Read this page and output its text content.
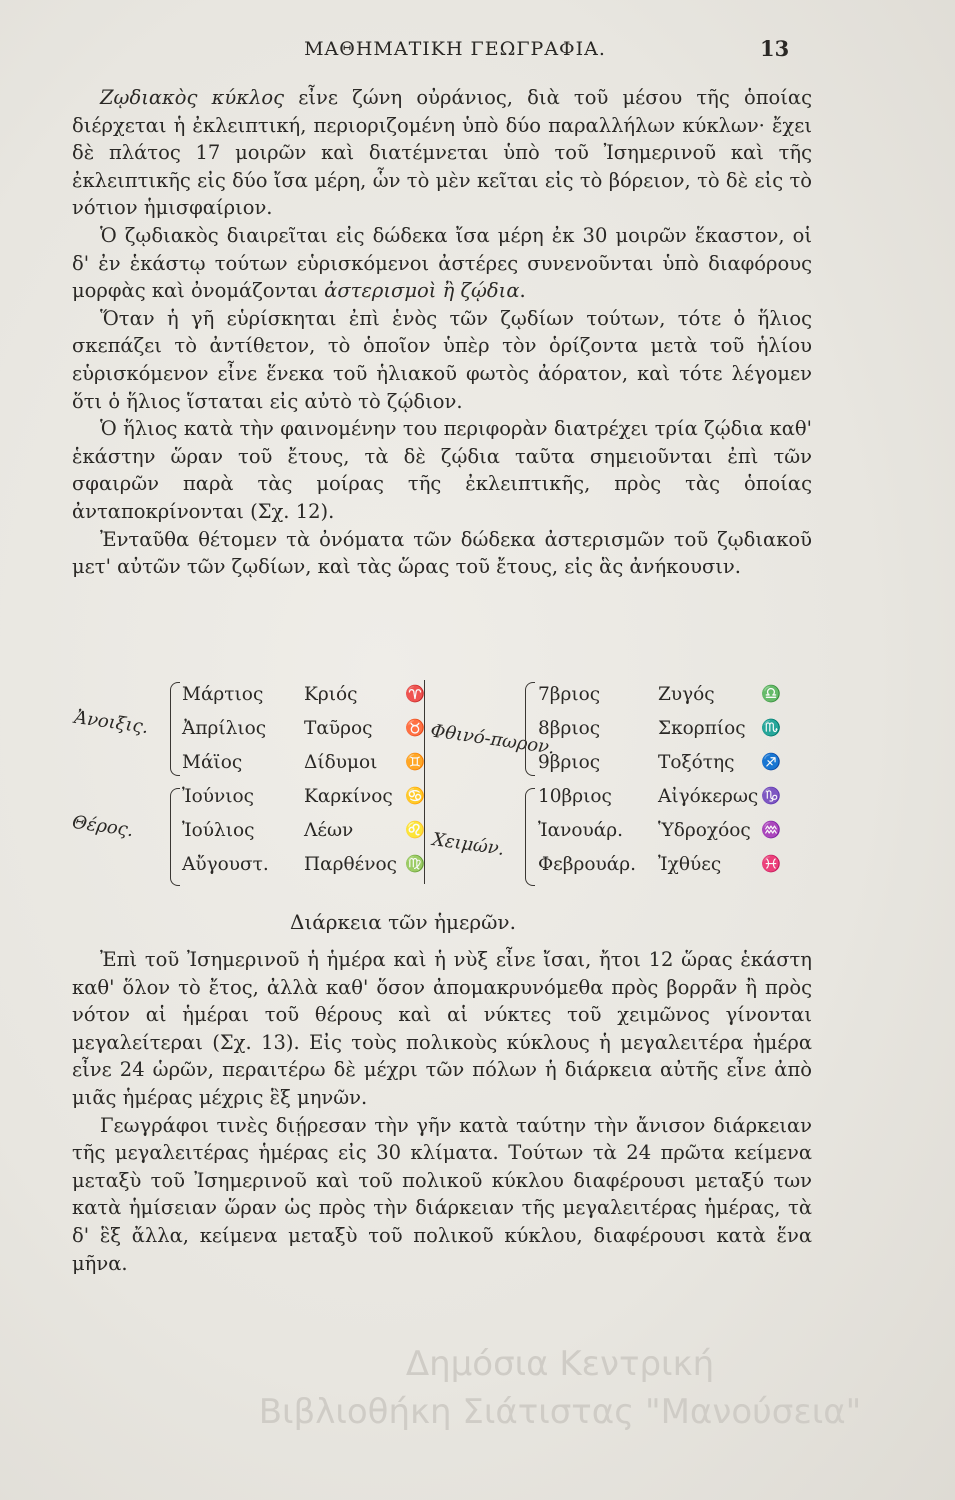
ΜΑΘΗΜΑΤΙΚΗ ΓΕΩΓΡΑΦΙΑ.	13

Ζῳδιακὸς κύκλος εἶνε ζώνη οὐράνιος, διὰ τοῦ μέσου τῆς ὁποίας διέρχεται ἡ ἐκλειπτική, περιοριζομένη ὑπὸ δύο παραλλήλων κύκλων· ἔχει δὲ πλάτος 17 μοιρῶν καὶ διατέμνεται ὑπὸ τοῦ Ἰσημερινοῦ καὶ τῆς ἐκλειπτικῆς εἰς δύο ἴσα μέρη, ὧν τὸ μὲν κεῖται εἰς τὸ βόρειον, τὸ δὲ εἰς τὸ νότιον ἡμισφαίριον.

Ὁ ζῳδιακὸς διαιρεῖται εἰς δώδεκα ἴσα μέρη ἐκ 30 μοιρῶν ἕκαστον, οἱ δ' ἐν ἑκάστῳ τούτων εὑρισκόμενοι ἀστέρες συνενοῦνται ὑπὸ διαφόρους μορφὰς καὶ ὀνομάζονται ἀστερισμοὶ ἢ ζῴδια.

Ὅταν ἡ γῆ εὑρίσκηται ἐπὶ ἑνὸς τῶν ζῳδίων τούτων, τότε ὁ ἥλιος σκεπάζει τὸ ἀντίθετον, τὸ ὁποῖον ὑπὲρ τὸν ὁρίζοντα μετὰ τοῦ ἡλίου εὑρισκόμενον εἶνε ἕνεκα τοῦ ἡλιακοῦ φωτὸς ἀόρατον, καὶ τότε λέγομεν ὅτι ὁ ἥλιος ἵσταται εἰς αὐτὸ τὸ ζῴδιον.

Ὁ ἥλιος κατὰ τὴν φαινομένην του περιφορὰν διατρέχει τρία ζῴδια καθ' ἑκάστην ὥραν τοῦ ἔτους, τὰ δὲ ζῴδια ταῦτα σημειοῦνται ἐπὶ τῶν σφαιρῶν παρὰ τὰς μοίρας τῆς ἐκλειπτικῆς, πρὸς τὰς ὁποίας ἀνταποκρίνονται (Σχ. 12).

Ἐνταῦθα θέτομεν τὰ ὀνόματα τῶν δώδεκα ἀστερισμῶν τοῦ ζῳδιακοῦ μετ' αὐτῶν τῶν ζῳδίων, καὶ τὰς ὥρας τοῦ ἔτους, εἰς ἃς ἀνήκουσιν.

Ἀνοιξις.
Θέρος.
Φθινό-πωρον.
Χειμών.
Μάρτιος Κριός	♈
Ἀπρίλιος Ταῦρος ♉
Μάϊος	Δίδυμοι ♊
Ἰούνιος	Καρκίνος ♋
Ἰούλιος	Λέων	♌
Αὔγουστ. Παρθένος ♍
7βριος	Ζυγός	♎
8βριος	Σκορπίος ♏
9βριος	Τοξότης ♐
10βριος Αἰγόκερως ♑
Ἰανουάρ. Ὑδροχόος ♒
Φεβρουάρ. Ἰχθύες ♓
Διάρκεια τῶν ἡμερῶν.

Ἐπὶ τοῦ Ἰσημερινοῦ ἡ ἡμέρα καὶ ἡ νὺξ εἶνε ἴσαι, ἤτοι 12 ὥρας ἑκάστη καθ' ὅλον τὸ ἔτος, ἀλλὰ καθ' ὅσον ἀπομακρυνόμεθα πρὸς βορρᾶν ἢ πρὸς νότον αἱ ἡμέραι τοῦ θέρους καὶ αἱ νύκτες τοῦ χειμῶνος γίνονται μεγαλείτεραι (Σχ. 13). Εἰς τοὺς πολικοὺς κύκλους ἡ μεγαλειτέρα ἡμέρα εἶνε 24 ὡρῶν, περαιτέρω δὲ μέχρι τῶν πόλων ἡ διάρκεια αὐτῆς εἶνε ἀπὸ μιᾶς ἡμέρας μέχρις ἓξ μηνῶν.

Γεωγράφοι τινὲς διῄρεσαν τὴν γῆν κατὰ ταύτην τὴν ἄνισον διάρκειαν τῆς μεγαλειτέρας ἡμέρας εἰς 30 κλίματα. Τούτων τὰ 24 πρῶτα κείμενα μεταξὺ τοῦ Ἰσημερινοῦ καὶ τοῦ πολικοῦ κύκλου διαφέρουσι μεταξύ των κατὰ ἡμίσειαν ὥραν ὡς πρὸς τὴν διάρκειαν τῆς μεγαλειτέρας ἡμέρας, τὰ δ' ἓξ ἄλλα, κείμενα μεταξὺ τοῦ πολικοῦ κύκλου, διαφέρουσι κατὰ ἕνα μῆνα.

Δημόσια Κεντρική
Βιβλιοθήκη Σιάτιστας "Μανούσεια"
